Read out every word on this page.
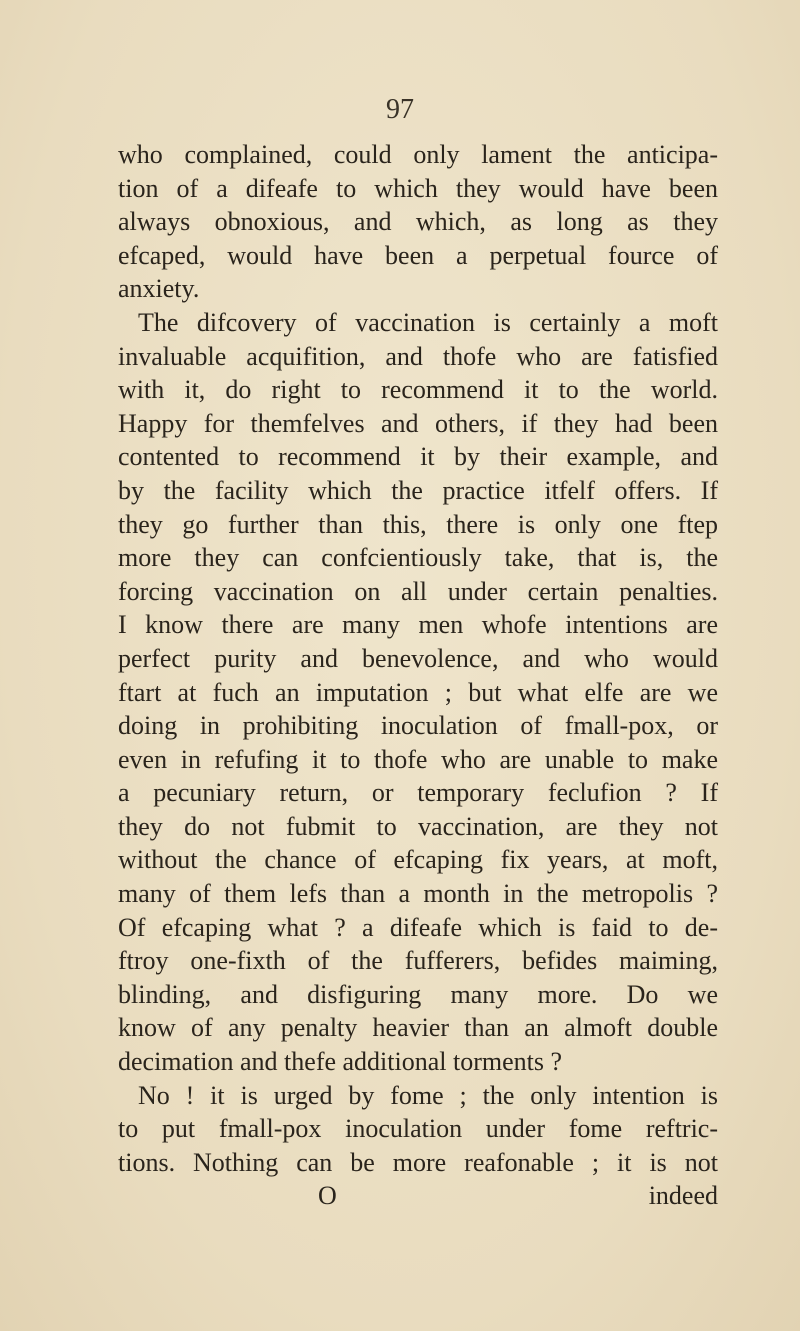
97
who complained, could only lament the anticipa-
tion of a difeafe to which they would have been
always obnoxious, and which, as long as they
efcaped, would have been a perpetual fource of
anxiety.
The difcovery of vaccination is certainly a moft
invaluable acquifition, and thofe who are fatisfied
with it, do right to recommend it to the world.
Happy for themfelves and others, if they had been
contented to recommend it by their example, and
by the facility which the practice itfelf offers. If
they go further than this, there is only one ftep
more they can confcientiously take, that is, the
forcing vaccination on all under certain penalties.
I know there are many men whofe intentions are
perfect purity and benevolence, and who would
ftart at fuch an imputation ; but what elfe are we
doing in prohibiting inoculation of fmall-pox, or
even in refufing it to thofe who are unable to make
a pecuniary return, or temporary feclufion ? If
they do not fubmit to vaccination, are they not
without the chance of efcaping fix years, at moft,
many of them lefs than a month in the metropolis ?
Of efcaping what ? a difeafe which is faid to de-
ftroy one-fixth of the fufferers, befides maiming,
blinding, and disfiguring many more. Do we
know of any penalty heavier than an almoft double
decimation and thefe additional torments ?
No ! it is urged by fome ; the only intention is
to put fmall-pox inoculation under fome reftric-
tions. Nothing can be more reafonable ; it is not
O	indeed
